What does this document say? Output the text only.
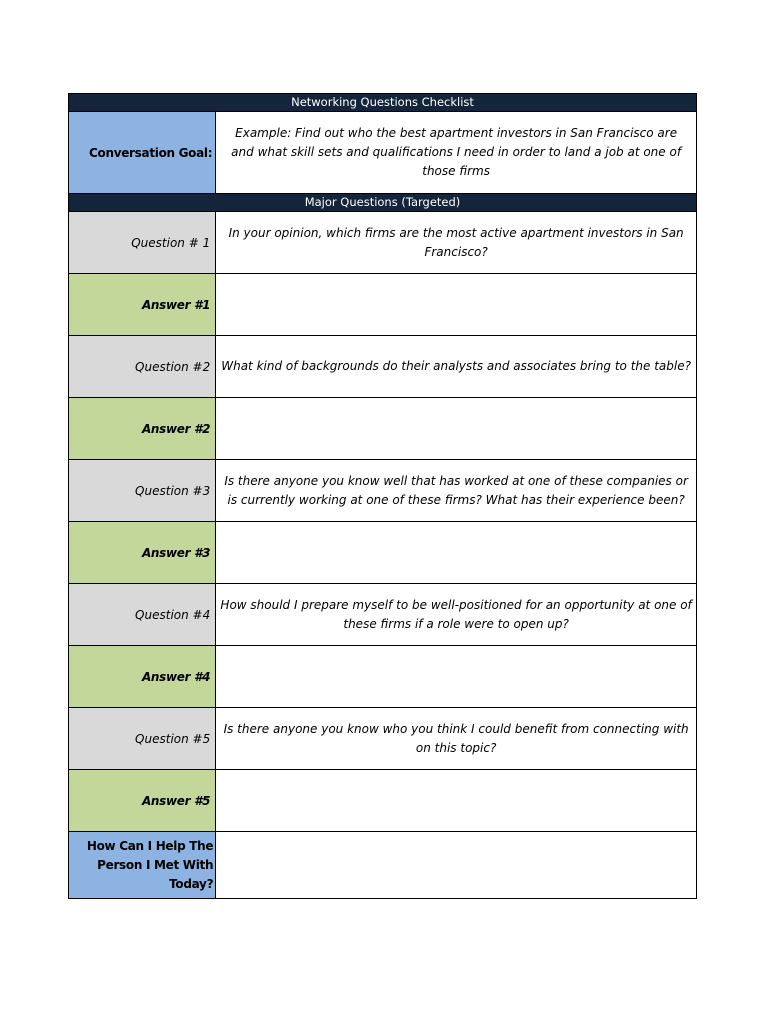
Networking Questions Checklist	
Conversation Goal:	Example: Find out who the best apartment investors in San Francisco are and what skill sets and qualifications I need in order to land a job at one of those firms
Major Questions (Targeted)	
Question # 1	In your opinion, which firms are the most active apartment investors in San Francisco?
Answer #1	
Question #2	What kind of backgrounds do their analysts and associates bring to the table?
Answer #2	
Question #3	Is there anyone you know well that has worked at one of these companies or is currently working at one of these firms? What has their experience been?
Answer #3	
Question #4	How should I prepare myself to be well-positioned for an opportunity at one of these firms if a role were to open up?
Answer #4	
Question #5	Is there anyone you know who you think I could benefit from connecting with on this topic?
Answer #5	
How Can I Help The Person I Met With Today?	
